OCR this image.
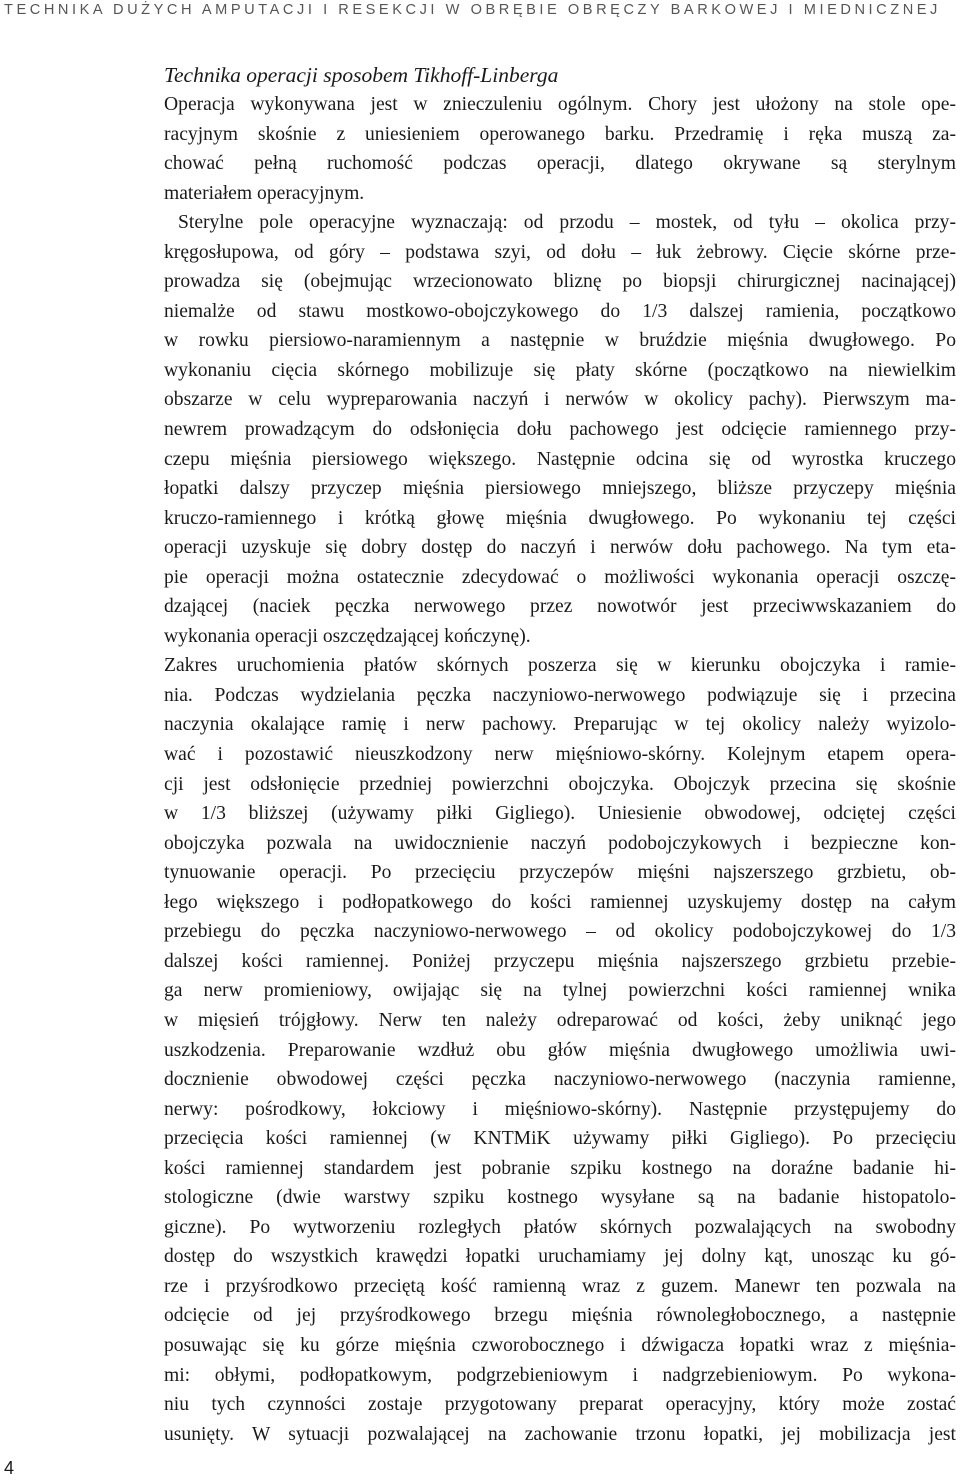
TECHNIKA DUŻYCH AMPUTACJI I RESEKCJI W OBRĘBIE OBRĘCZY BARKOWEJ I MIEDNICZNEJ
Technika operacji sposobem Tikhoff-Linberga
Operacja wykonywana jest w znieczuleniu ogólnym. Chory jest ułożony na stole ope-
racyjnym skośnie z uniesieniem operowanego barku. Przedramię i ręka muszą za-
chować pełną ruchomość podczas operacji, dlatego okrywane są sterylnym
materiałem operacyjnym.
Sterylne pole operacyjne wyznaczają: od przodu – mostek, od tyłu – okolica przy-
kręgosłupowa, od góry – podstawa szyi, od dołu – łuk żebrowy. Cięcie skórne prze-
prowadza się (obejmując wrzecionowato bliznę po biopsji chirurgicznej nacinającej)
niemalże od stawu mostkowo-obojczykowego do 1/3 dalszej ramienia, początkowo
w rowku piersiowo-naramiennym a następnie w bruździe mięśnia dwugłowego. Po
wykonaniu cięcia skórnego mobilizuje się płaty skórne (początkowo na niewielkim
obszarze w celu wypreparowania naczyń i nerwów w okolicy pachy). Pierwszym ma-
newrem prowadzącym do odsłonięcia dołu pachowego jest odcięcie ramiennego przy-
czepu mięśnia piersiowego większego. Następnie odcina się od wyrostka kruczego
łopatki dalszy przyczep mięśnia piersiowego mniejszego, bliższe przyczepy mięśnia
kruczo-ramiennego i krótką głowę mięśnia dwugłowego. Po wykonaniu tej części
operacji uzyskuje się dobry dostęp do naczyń i nerwów dołu pachowego. Na tym eta-
pie operacji można ostatecznie zdecydować o możliwości wykonania operacji oszczę-
dzającej (naciek pęczka nerwowego przez nowotwór jest przeciwwskazaniem do
wykonania operacji oszczędzającej kończynę).
Zakres uruchomienia płatów skórnych poszerza się w kierunku obojczyka i ramie-
nia. Podczas wydzielania pęczka naczyniowo-nerwowego podwiązuje się i przecina
naczynia okalające ramię i nerw pachowy. Preparując w tej okolicy należy wyizolo-
wać i pozostawić nieuszkodzony nerw mięśniowo-skórny. Kolejnym etapem opera-
cji jest odsłonięcie przedniej powierzchni obojczyka. Obojczyk przecina się skośnie
w 1/3 bliższej (używamy piłki Gigliego). Uniesienie obwodowej, odciętej części
obojczyka pozwala na uwidocznienie naczyń podobojczykowych i bezpieczne kon-
tynuowanie operacji. Po przecięciu przyczepów mięśni najszerszego grzbietu, ob-
łego większego i podłopatkowego do kości ramiennej uzyskujemy dostęp na całym
przebiegu do pęczka naczyniowo-nerwowego – od okolicy podobojczykowej do 1/3
dalszej kości ramiennej. Poniżej przyczepu mięśnia najszerszego grzbietu przebie-
ga nerw promieniowy, owijając się na tylnej powierzchni kości ramiennej wnika
w mięsień trójgłowy. Nerw ten należy odreparować od kości, żeby uniknąć jego
uszkodzenia. Preparowanie wzdłuż obu głów mięśnia dwugłowego umożliwia uwi-
docznienie obwodowej części pęczka naczyniowo-nerwowego (naczynia ramienne,
nerwy: pośrodkowy, łokciowy i mięśniowo-skórny). Następnie przystępujemy do
przecięcia kości ramiennej (w KNTMiK używamy piłki Gigliego). Po przecięciu
kości ramiennej standardem jest pobranie szpiku kostnego na doraźne badanie hi-
stologiczne (dwie warstwy szpiku kostnego wysyłane są na badanie histopatolo-
giczne). Po wytworzeniu rozległych płatów skórnych pozwalających na swobodny
dostęp do wszystkich krawędzi łopatki uruchamiamy jej dolny kąt, unosząc ku gó-
rze i przyśrodkowo przeciętą kość ramienną wraz z guzem. Manewr ten pozwala na
odcięcie od jej przyśrodkowego brzegu mięśnia równoległobocznego, a następnie
posuwając się ku górze mięśnia czworobocznego i dźwigacza łopatki wraz z mięśnia-
mi: obłymi, podłopatkowym, podgrzebieniowym i nadgrzebieniowym. Po wykona-
niu tych czynności zostaje przygotowany preparat operacyjny, który może zostać
usunięty. W sytuacji pozwalającej na zachowanie trzonu łopatki, jej mobilizacja jest
4
